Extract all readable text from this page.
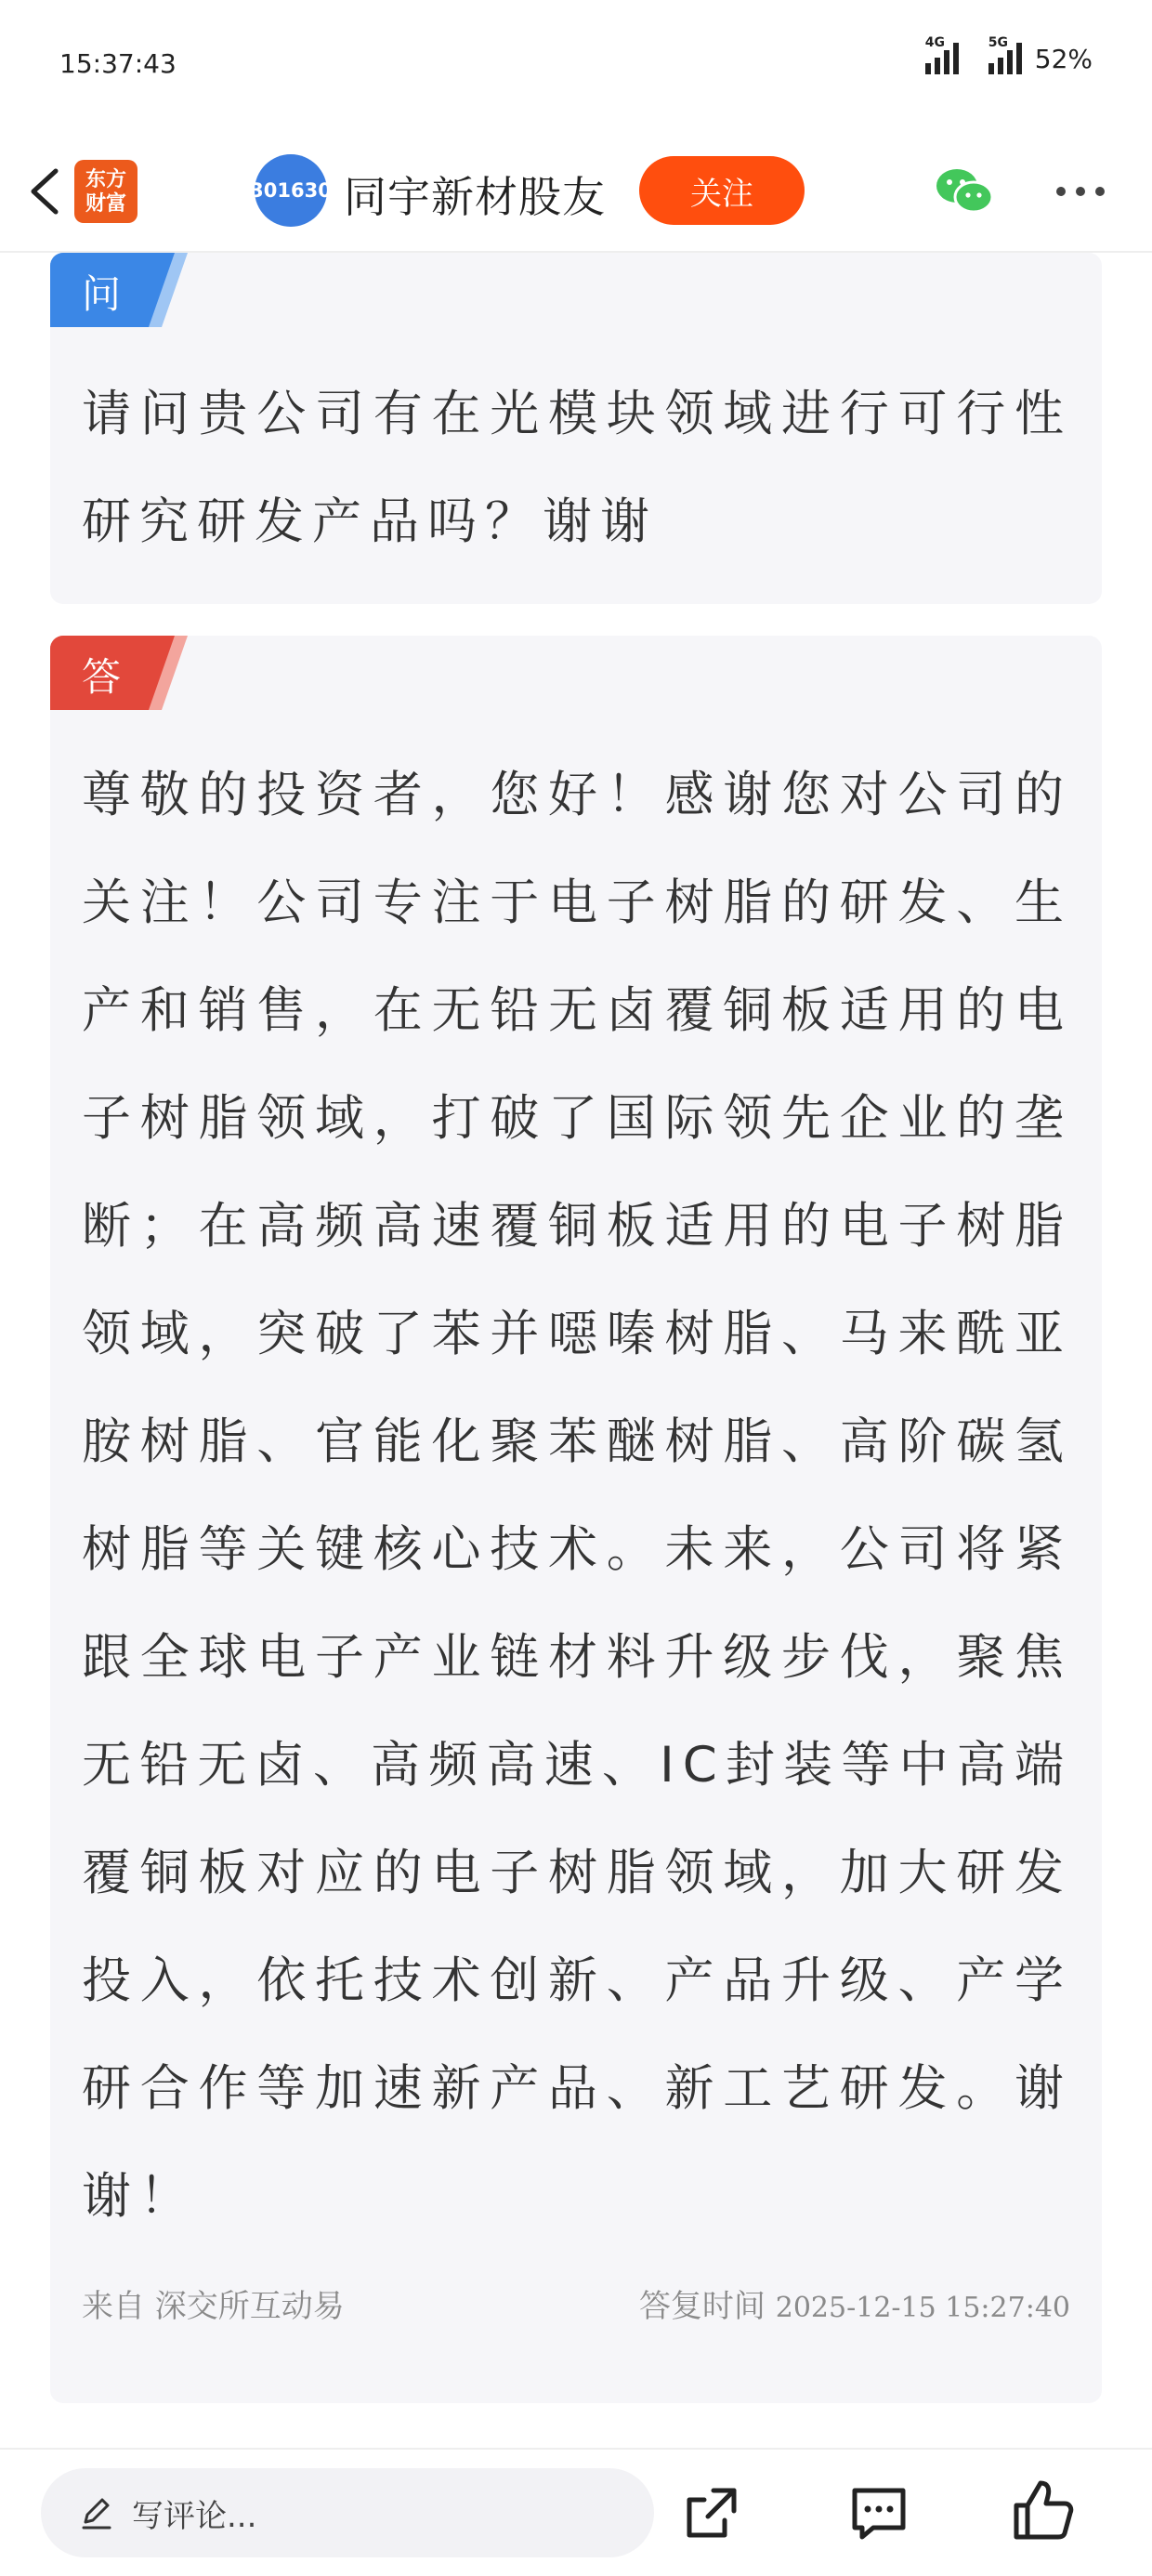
15:37:43
4G	5G
52%
东方
财富
301630 同宇新材股友	关注
问
请问贵公司有在光模块领域进行可行性研究研发产品吗？谢谢
答
尊敬的投资者，您好！感谢您对公司的关注！公司专注于电子树脂的研发、生产和销售，在无铅无卤覆铜板适用的电子树脂领域，打破了国际领先企业的垄断；在高频高速覆铜板适用的电子树脂领域，突破了苯并噁嗪树脂、马来酰亚胺树脂、官能化聚苯醚树脂、高阶碳氢树脂等关键核心技术。未来，公司将紧跟全球电子产业链材料升级步伐，聚焦无铅无卤、高频高速、IC封装等中高端覆铜板对应的电子树脂领域，加大研发投入，依托技术创新、产品升级、产学研合作等加速新产品、新工艺研发。谢谢！
来自 深交所互动易	答复时间 2025-12-15 15:27:40
写评论...
